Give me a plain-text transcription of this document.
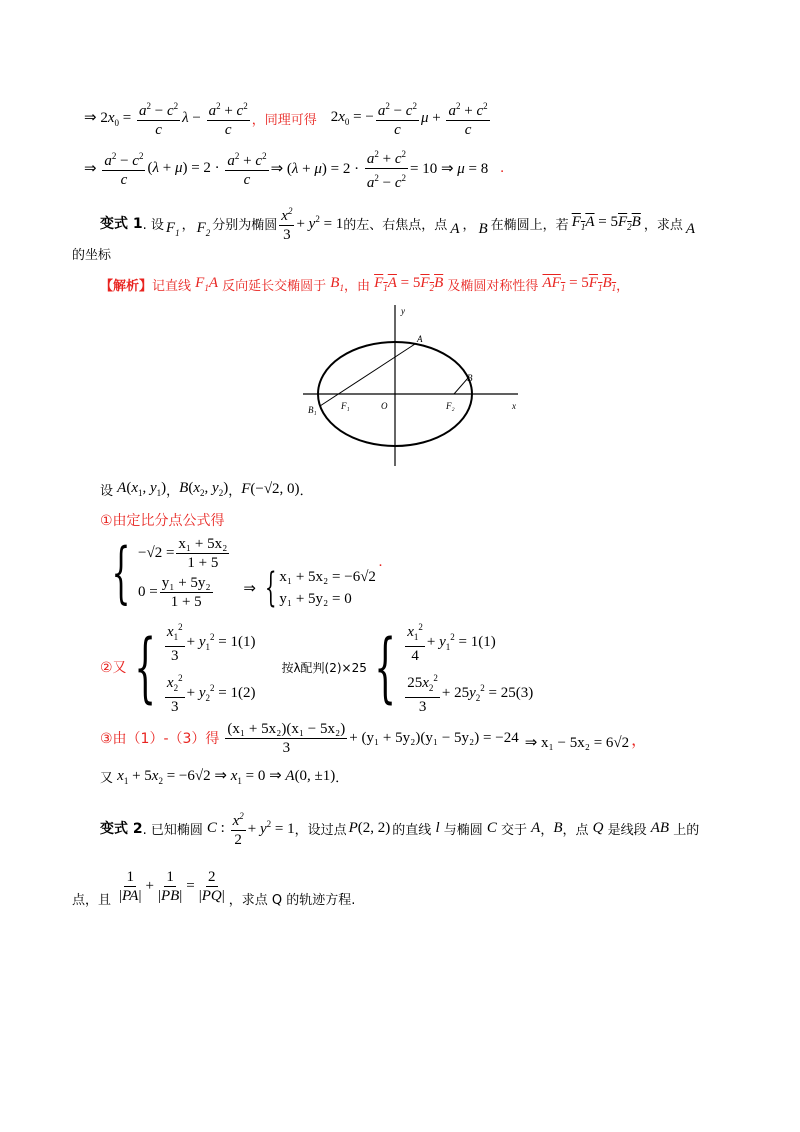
⇒ $2x_0 = \frac{a^2 - c^2}{c}$ $\lambda - \frac{a^2 + c^2}{c}$ ，同理可得 $2x_0$ = − $\frac{a^2 - c^2}{c}$ $\mu + \frac{a^2 + c^2}{c}$
⇒ $\frac{a^2 - c^2}{c} (\lambda + \mu) = 2 \cdot \frac{a^2 + c^2}{c}$ ⇒ $(\lambda + \mu) = 2 \cdot \frac{a^2 + c^2}{a^2 - c^2} = 10$ ⇒ μ = 8 .
变式 1 . 设 $F_1$
， $F_2$
分别为椭圆 $\frac{x^2}{3} + y^2 = 1$ 的左、右焦点，点 A ， B 在椭圆上，若 $F_1A = 5F_2B$ ，求点 A
的坐标
【解析】 记直线 $F_1A$ 反向延长交椭圆于 $B_1$ ，由 $F_1A = 5F_2B$ 及椭圆对称性得 $AF_1 = 5F_1B_1$ ，
y
x
A
B
B₁	F₁	O	F₂
设 $A(x_1$, $y_1$) ， $B(x_2$, $y_2$) ， F(−√2, 0) ．
①由定比分点公式得
{ $-√2 = \frac{\text{x₁ + 5x₂}}{1 + 5}$
$0 = \frac{\text{y₁ + 5y₂}}{1 + 5}$ ⇒ { x₁ + 5x₂ = −6√2
y₁ + 5y₂ = 0
·
②又 { $\frac{x_1^2}{3} + y_1^2 = 1(1)$
$\frac{x_2^2}{3} + y_2^2 = 1(2)$
按λ配判(2)×25 { $\frac{x_1^2}{4} + y_1^2 = 1(1)$
$\frac{25x_2^2}{3} + 25y_2^2 = 25(3)$
③由（1）-（3）得 $\frac{\text{(x₁ + 5x₂)(x₁ − 5x₂)}}{3} + (y_1 + 5y_2)(y_1 - 5y_2) = -24$ ⇒ x₁ − 5x₂ = 6√2 ，
又 $x_1 + 5x_2 = -6√2$ ⇒ $x_1 = 0$ ⇒ A(0, ±1) ．
变式 2 . 已知椭圆 C : $\frac{x^2}{2} + y^2 = 1$ ，设过点 P(2, 2) 的直线 l 与椭圆 C 交于 A ， B ，点 Q 是线段 AB 上的
点，且 $\frac{1}{|PA|} + \frac{1}{|PB|} = \frac{2}{|PQ|}$ ，求点 Q 的轨迹方程.
